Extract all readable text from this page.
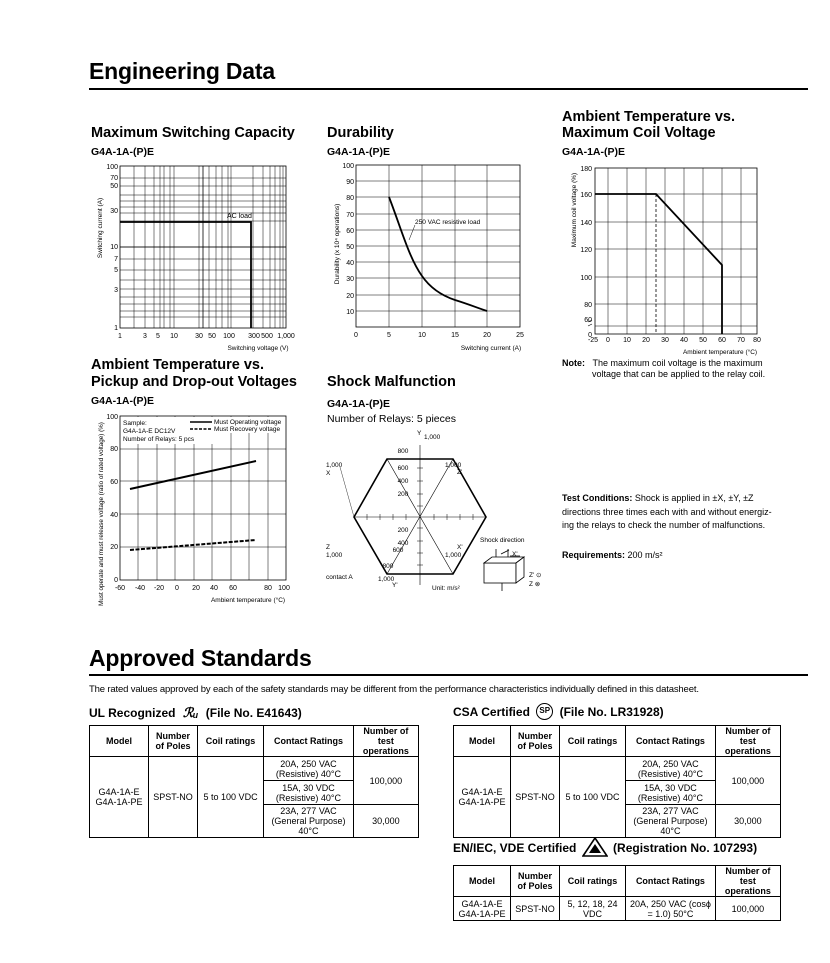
Engineering Data
Maximum Switching Capacity
G4A-1A-(P)E
AC load
100
70
50
30
10
7
5
3
1
1	3 5 10 30 50 100 300 500 1,000
Switching voltage (V)
Switching current (A)
Durability
G4A-1A-(P)E
250 VAC resistive load
100
90
80
70
60
50
40
30
20
10
0	5	10	15	20	25
Switching current (A)
Durability (x 10⁴ operations)
Ambient Temperature vs.
Maximum Coil Voltage
G4A-1A-(P)E
180
160
140
120
100
80
60
0
-25 0 10 20 30 40 50 60 70 80
Ambient temperature (°C)
Maximum coil voltage (%)
Note: The maximum coil voltage is the maximum
voltage that can be applied to the relay coil.
Ambient Temperature vs.
Pickup and Drop-out Voltages
G4A-1A-(P)E
Sample:
G4A-1A-E DC12V
Number of Relays: 5 pcs
Must Operating voltage
Must Recovery voltage
100
80
60
40
20
0
-60 -40 -20 0 20 40 60	80 100
Ambient temperature (°C)
Must operate and must release voltage (ratio of rated voltage) (%)
Shock Malfunction
G4A-1A-(P)E
Number of Relays: 5 pieces
Y
1,000
X
1,000
Z
1,000
Z'
1,000
X'
1,000
Y'
1,000
800
600
400
200
200
400
600
800
contact A
Unit: m/s²
Shock direction
X'
Z' ⊙
Z ⊗
Test Conditions: Shock is applied in ±X, ±Y, ±Z
directions three times each with and without energiz-
ing the relays to check the number of malfunctions.
Requirements: 200 m/s²
Approved Standards
The rated values approved by each of the safety standards may be different from the performance characteristics individually defined in this datasheet.
UL Recognized ℛᵤ (File No. E41643)
Model	Number of Poles	Coil ratings	Contact Ratings	Number of test operations
G4A-1A-E
G4A-1A-PE	SPST-NO	5 to 100 VDC	20A, 250 VAC (Resistive) 40°C	100,000
			15A, 30 VDC (Resistive) 40°C	
			23A, 277 VAC (General Purpose) 40°C	30,000
CSA Certified SP (File No. LR31928)
Model	Number of Poles	Coil ratings	Contact Ratings	Number of test operations
G4A-1A-E
G4A-1A-PE	SPST-NO	5 to 100 VDC	20A, 250 VAC (Resistive) 40°C	100,000
			15A, 30 VDC (Resistive) 40°C	
			23A, 277 VAC (General Purpose) 40°C	30,000
EN/IEC, VDE Certified	(Registration No. 107293)
Model	Number of Poles	Coil ratings	Contact Ratings	Number of test operations
G4A-1A-E
G4A-1A-PE	SPST-NO	5, 12, 18, 24 VDC	20A, 250 VAC (cosϕ = 1.0) 50°C	100,000
